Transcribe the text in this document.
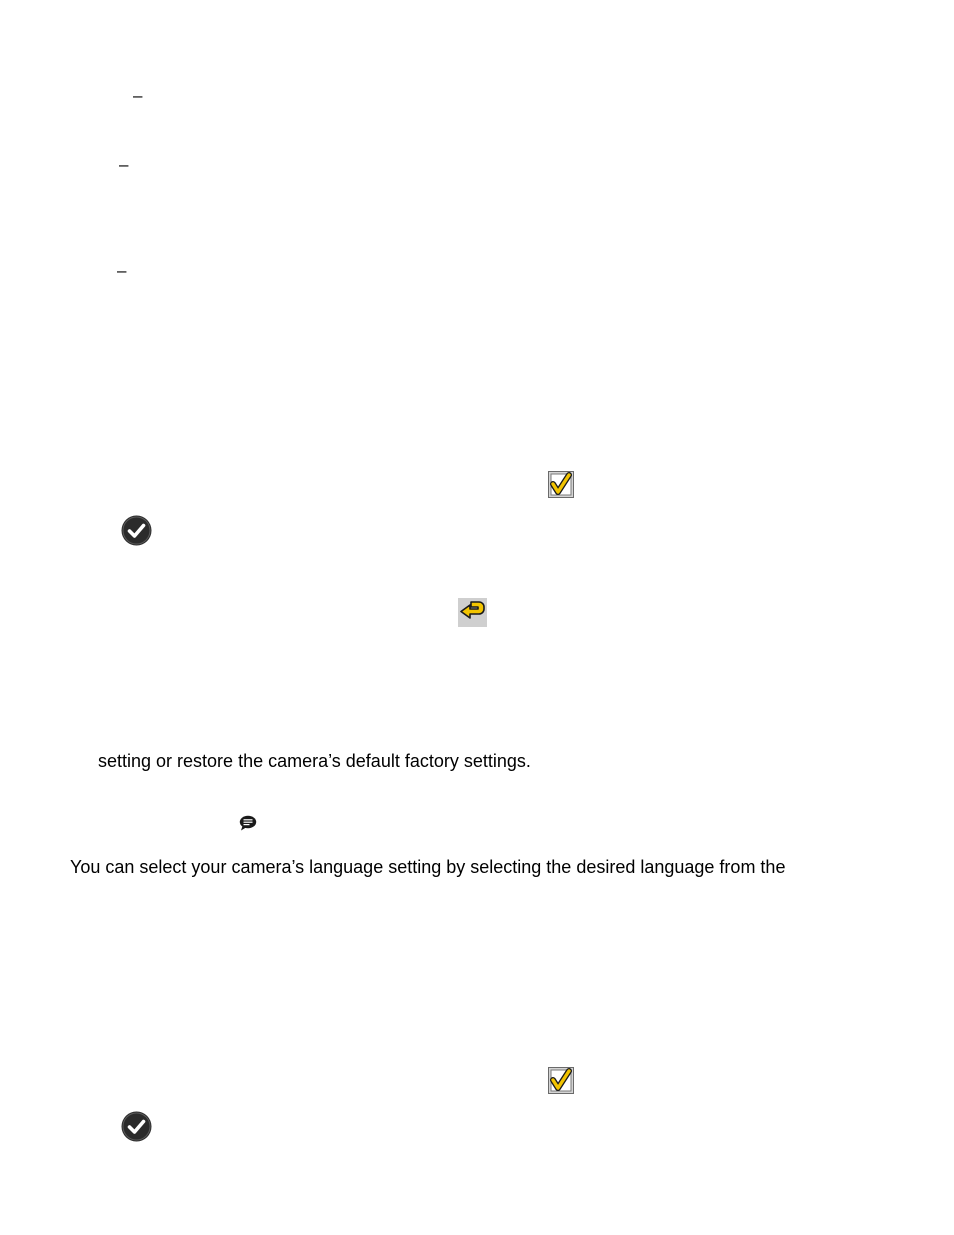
–
–
–
setting or restore the camera’s default factory settings.
You can select your camera’s language setting by selecting the desired language from the
